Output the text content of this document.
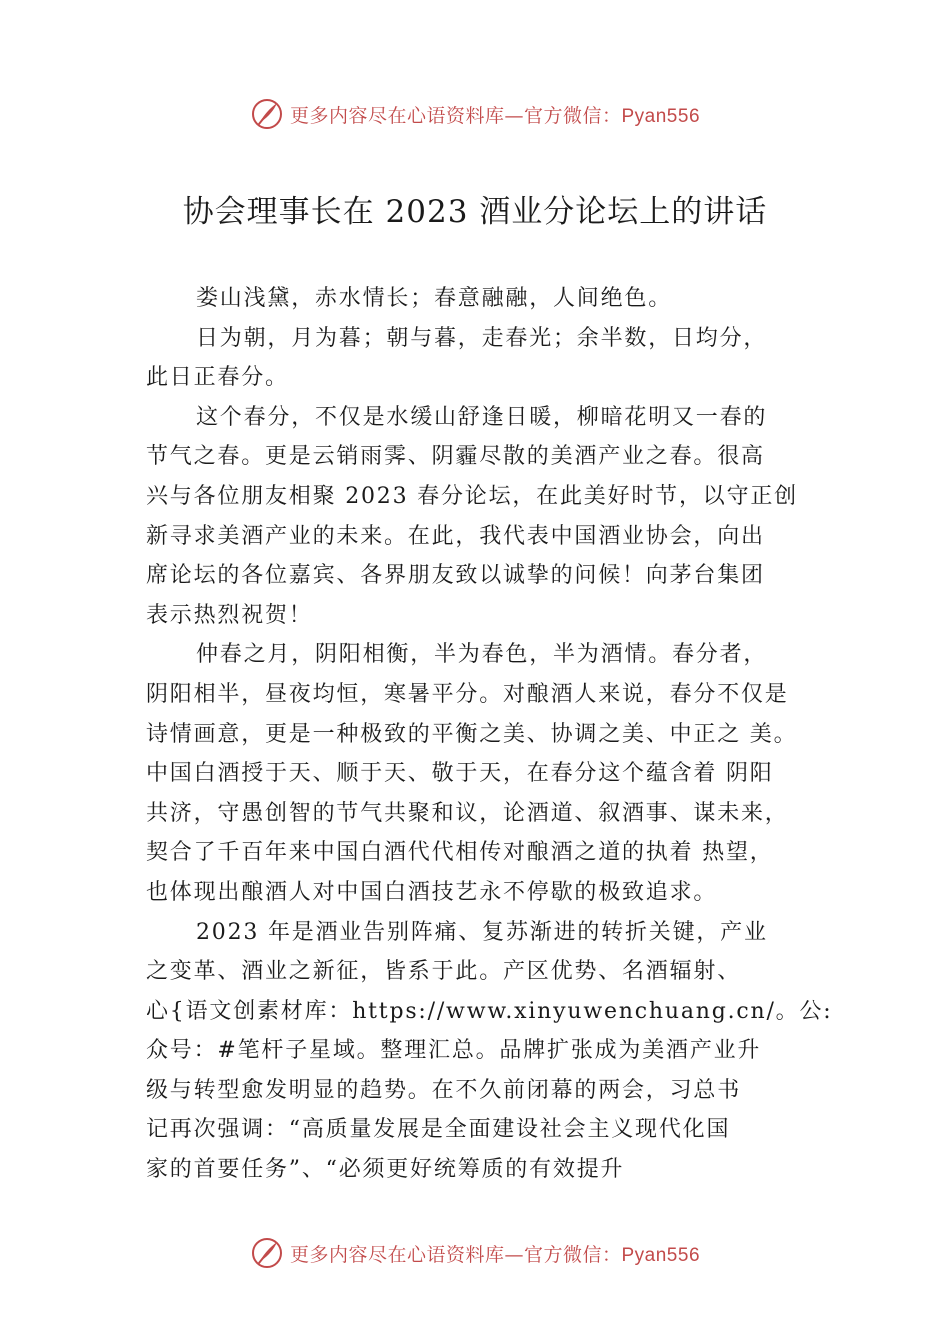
更多内容尽在心语资料库—官方微信：Pyan556
协会理事长在 2023 酒业分论坛上的讲话
娄山浅黛，赤水情长；春意融融，人间绝色。
日为朝，月为暮；朝与暮，走春光；余半数，日均分，
此日正春分。
这个春分，不仅是水缓山舒逢日暖，柳暗花明又一春的
节气之春。更是云销雨霁、阴霾尽散的美酒产业之春。很高
兴与各位朋友相聚 2023 春分论坛，在此美好时节，以守正创
新寻求美酒产业的未来。在此，我代表中国酒业协会，向出
席论坛的各位嘉宾、各界朋友致以诚挚的问候！向茅台集团
表示热烈祝贺！
仲春之月，阴阳相衡，半为春色，半为酒情。春分者，
阴阳相半，昼夜均恒，寒暑平分。对酿酒人来说，春分不仅是
诗情画意，更是一种极致的平衡之美、协调之美、中正之 美。
中国白酒授于天、顺于天、敬于天，在春分这个蕴含着 阴阳
共济，守愚创智的节气共聚和议，论酒道、叙酒事、谋未来，
契合了千百年来中国白酒代代相传对酿酒之道的执着 热望，
也体现出酿酒人对中国白酒技艺永不停歇的极致追求。
2023 年是酒业告别阵痛、复苏渐进的转折关键，产业
之变革、酒业之新征，皆系于此。产区优势、名酒辐射、
心{语文创素材库：https://www.xinyuwenchuang.cn/。公:
众号：#笔杆子星域。整理汇总。品牌扩张成为美酒产业升
级与转型愈发明显的趋势。在不久前闭幕的两会，习总书
记再次强调：“高质量发展是全面建设社会主义现代化国
家的首要任务”、“必须更好统筹质的有效提升
更多内容尽在心语资料库—官方微信：Pyan556
